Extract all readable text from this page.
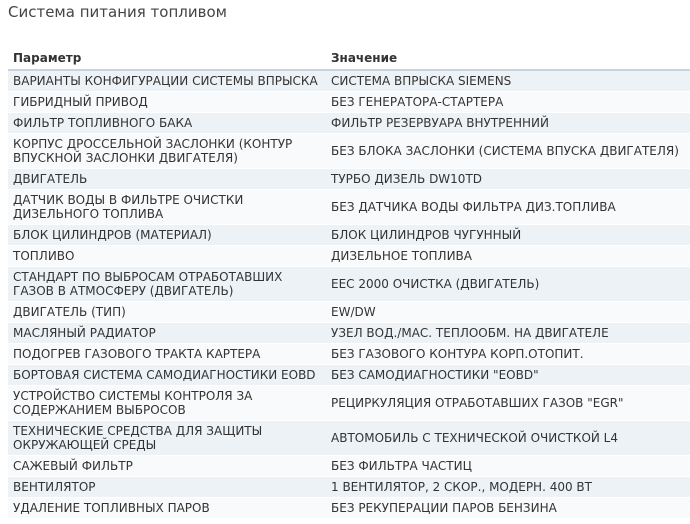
Система питания топливом
Параметр	Значение
ВАРИАНТЫ КОНФИГУРАЦИИ СИСТЕМЫ ВПРЫСКА	СИСТЕМА ВПРЫСКА SIEMENS
ГИБРИДНЫЙ ПРИВОД	БЕЗ ГЕНЕРАТОРА-СТАРТЕРА
ФИЛЬТР ТОПЛИВНОГО БАКА	ФИЛЬТР РЕЗЕРВУАРА ВНУТРЕННИЙ
КОРПУС ДРОССЕЛЬНОЙ ЗАСЛОНКИ (КОНТУР ВПУСКНОЙ ЗАСЛОНКИ ДВИГАТЕЛЯ)	БЕЗ БЛОКА ЗАСЛОНКИ (СИСТЕМА ВПУСКА ДВИГАТЕЛЯ)
ДВИГАТЕЛЬ	ТУРБО ДИЗЕЛЬ DW10TD
ДАТЧИК ВОДЫ В ФИЛЬТРЕ ОЧИСТКИ ДИЗЕЛЬНОГО ТОПЛИВА	БЕЗ ДАТЧИКА ВОДЫ ФИЛЬТРА ДИЗ.ТОПЛИВА
БЛОК ЦИЛИНДРОВ (МАТЕРИАЛ)	БЛОК ЦИЛИНДРОВ ЧУГУННЫЙ
ТОПЛИВО	ДИЗЕЛЬНОЕ ТОПЛИВА
СТАНДАРТ ПО ВЫБРОСАМ ОТРАБОТАВШИХ ГАЗОВ В АТМОСФЕРУ (ДВИГАТЕЛЬ)	EEC 2000 ОЧИСТКА (ДВИГАТЕЛЬ)
ДВИГАТЕЛЬ (ТИП)	EW/DW
МАСЛЯНЫЙ РАДИАТОР	УЗЕЛ ВОД./МАС. ТЕПЛООБМ. НА ДВИГАТЕЛЕ
ПОДОГРЕВ ГАЗОВОГО ТРАКТА КАРТЕРА	БЕЗ ГАЗОВОГО КОНТУРА КОРП.ОТОПИТ.
БОРТОВАЯ СИСТЕМА САМОДИАГНОСТИКИ EOBD	БЕЗ САМОДИАГНОСТИКИ "EOBD"
УСТРОЙСТВО СИСТЕМЫ КОНТРОЛЯ ЗА СОДЕРЖАНИЕМ ВЫБРОСОВ	РЕЦИРКУЛЯЦИЯ ОТРАБОТАВШИХ ГАЗОВ "EGR"
ТЕХНИЧЕСКИЕ СРЕДСТВА ДЛЯ ЗАЩИТЫ ОКРУЖАЮЩЕЙ СРЕДЫ	АВТОМОБИЛЬ С ТЕХНИЧЕСКОЙ ОЧИСТКОЙ L4
САЖЕВЫЙ ФИЛЬТР	БЕЗ ФИЛЬТРА ЧАСТИЦ
ВЕНТИЛЯТОР	1 ВЕНТИЛЯТОР, 2 СКОР., МОДЕРН. 400 ВТ
УДАЛЕНИЕ ТОПЛИВНЫХ ПАРОВ	БЕЗ РЕКУПЕРАЦИИ ПАРОВ БЕНЗИНА
